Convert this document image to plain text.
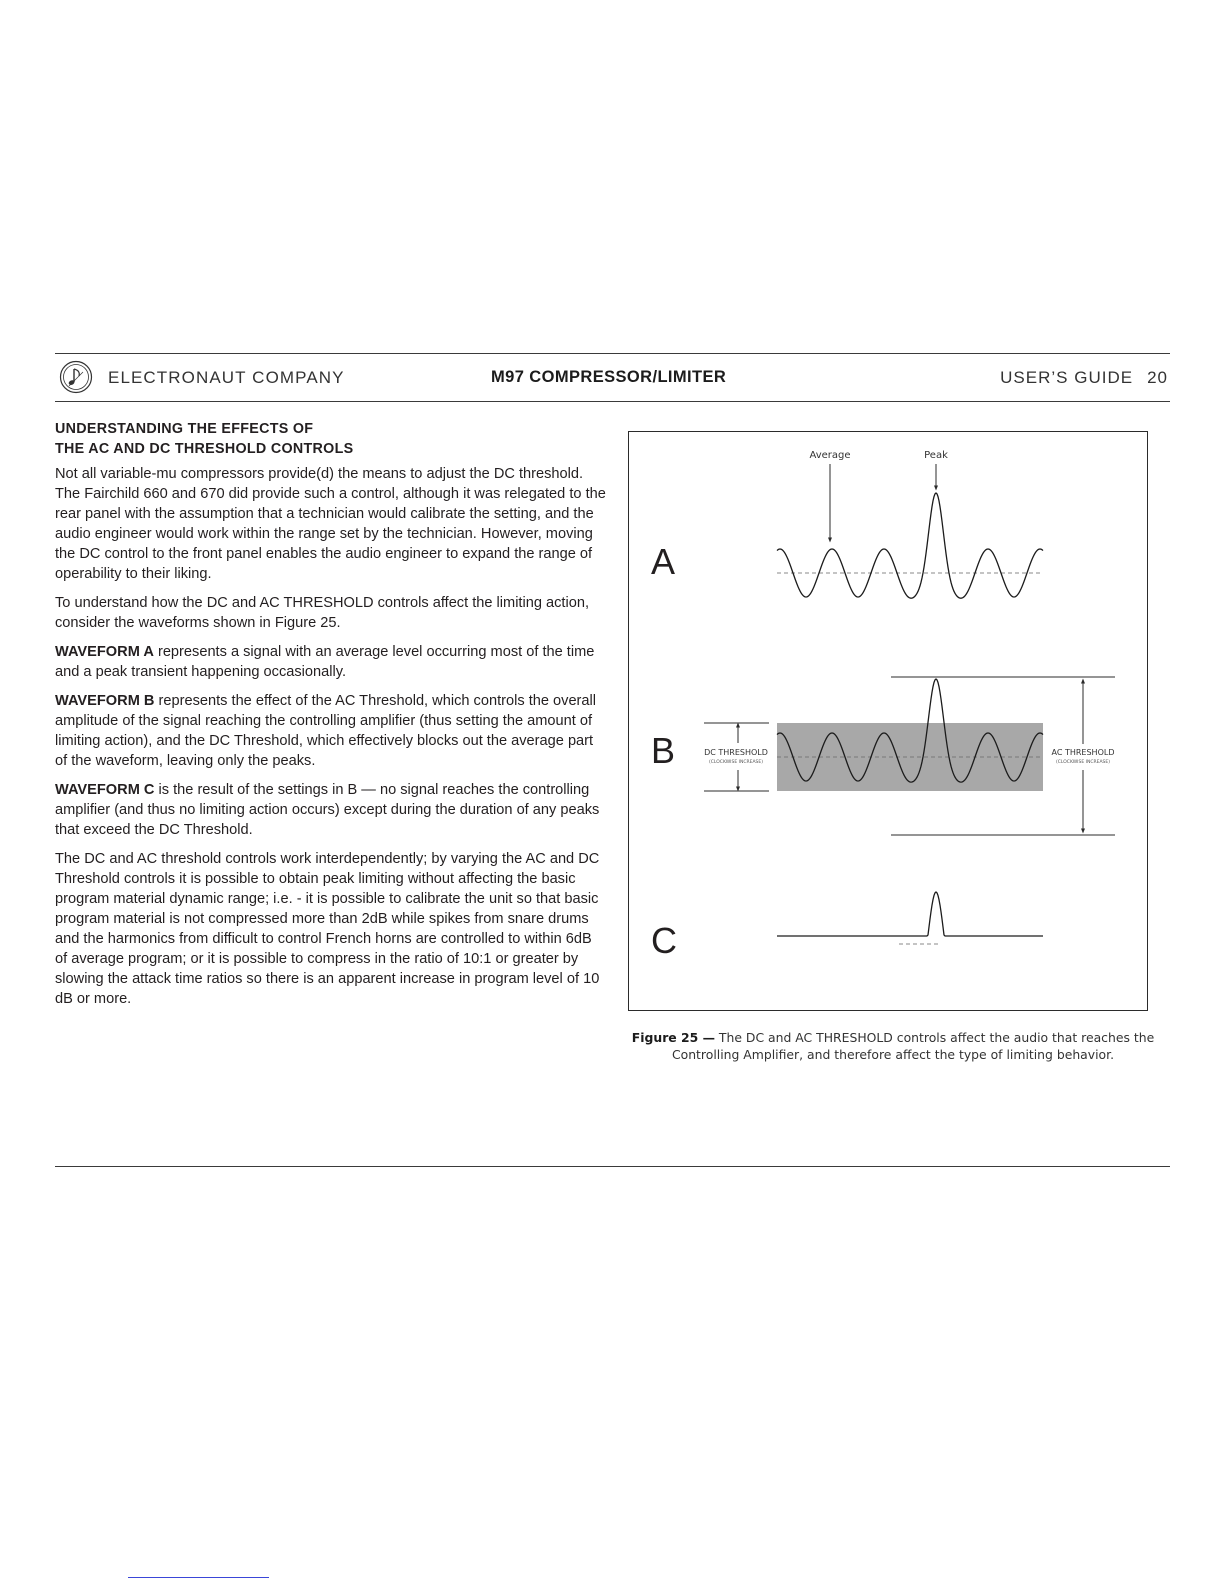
ELECTRONAUT COMPANY	M97 COMPRESSOR/LIMITER	USER’S GUIDE 20
UNDERSTANDING THE EFFECTS OF
THE AC AND DC THRESHOLD CONTROLS

Not all variable-mu compressors provide(d) the means to adjust the DC threshold. The Fairchild 660 and 670 did provide such a control, although it was relegated to the rear panel with the assumption that a technician would calibrate the setting, and the audio engineer would work within the range set by the technician. However, moving the DC control to the front panel enables the audio engineer to expand the range of operability to their liking.

To understand how the DC and AC THRESHOLD controls affect the limiting action, consider the waveforms shown in Figure 25.

WAVEFORM A represents a signal with an average level occurring most of the time and a peak transient happening occasionally.

WAVEFORM B represents the effect of the AC Threshold, which controls the overall amplitude of the signal reaching the controlling amplifier (thus setting the amount of limiting action), and the DC Threshold, which effectively blocks out the average part of the waveform, leaving only the peaks.

WAVEFORM C is the result of the settings in B — no signal reaches the controlling amplifier (and thus no limiting action occurs) except during the duration of any peaks that exceed the DC Threshold.

The DC and AC threshold controls work interdependently; by varying the AC and DC Threshold controls it is possible to obtain peak limiting without affecting the basic program material dynamic range; i.e. - it is possible to calibrate the unit so that basic program material is not compressed more than 2dB while spikes from snare drums and the harmonics from difficult to control French horns are controlled to within 6dB of average program; or it is possible to compress in the ratio of 10:1 or greater by slowing the attack time ratios so there is an apparent increase in program level of 10 dB or more.

A
B
C
Average	Peak
DC THRESHOLD
(CLOCKWISE INCREASE)
AC THRESHOLD
(CLOCKWISE INCREASE)
Figure 25 — The DC and AC THRESHOLD controls affect the audio that reaches the Controlling Amplifier, and therefore affect the type of limiting behavior.
